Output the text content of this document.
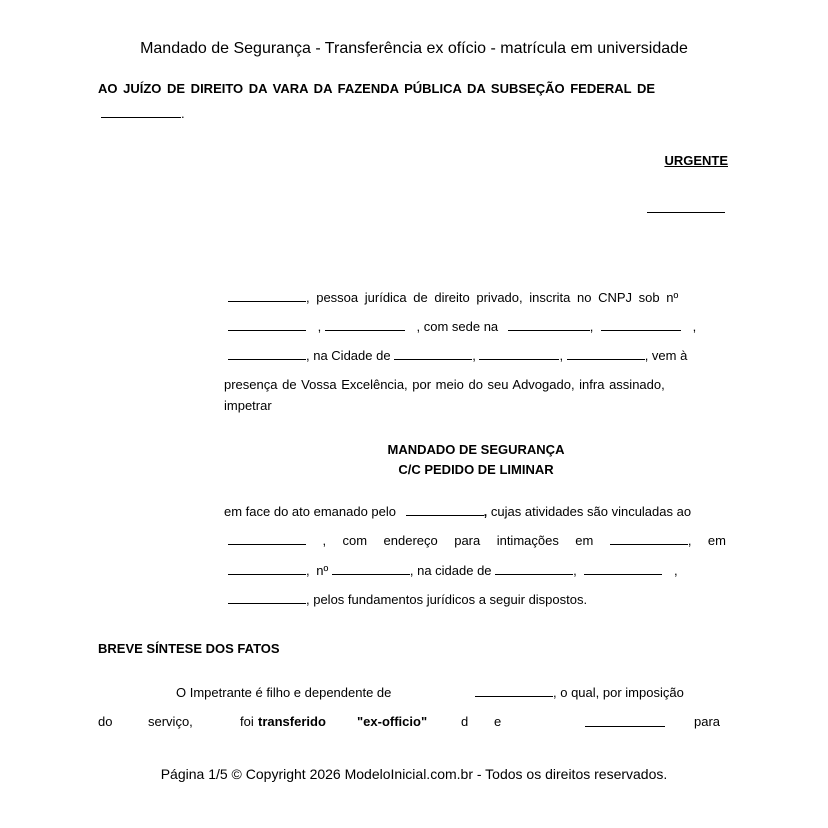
Mandado de Segurança - Transferência ex ofício - matrícula em universidade
AO JUÍZO DE DIREITO DA VARA DA FAZENDA PÚBLICA DA SUBSEÇÃO FEDERAL DE
.
URGENTE
, pessoa jurídica de direito privado, inscrita no CNPJ sob nº
,	, com sede na	,	,
, na Cidade de	,	,	, vem à
presença de Vossa Excelência, por meio do seu Advogado, infra assinado,
impetrar
MANDADO DE SEGURANÇA
C/C PEDIDO DE LIMINAR
em face do ato emanado pelo	, cujas atividades são vinculadas ao
, com endereço para intimações em	, em
, nº	, na cidade de	,	,
, pelos fundamentos jurídicos a seguir dispostos.
BREVE SÍNTESE DOS FATOS
O Impetrante é filho e dependente de	, o qual, por imposição
do	serviço,	foi transferido "ex-officio"	d e	para
Página 1/5 © Copyright 2026 ModeloInicial.com.br - Todos os direitos reservados.
